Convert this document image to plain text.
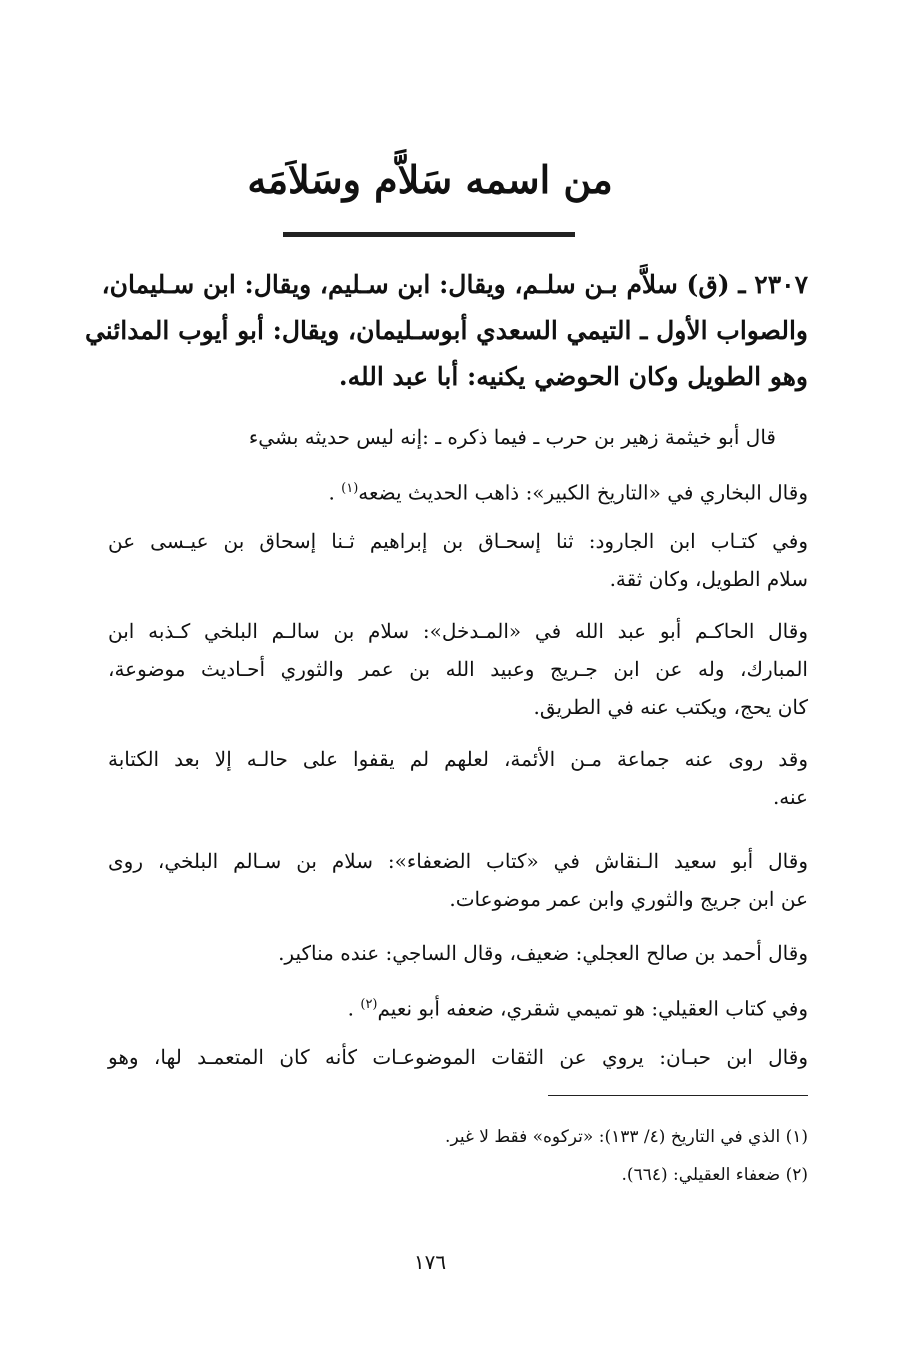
من اسمه سَلاَّم وسَلاَمَه
٢٣٠٧ ـ (ق) سلاَّم بـن سلـم، ويقال: ابن سـليم، ويقال: ابن سـليمان،
والصواب الأول ـ التيمي السعدي أبوسـليمان، ويقال: أبو أيوب المدائني
وهو الطويل وكان الحوضي يكنيه: أبا عبد الله.

قال أبو خيثمة زهير بن حرب ـ فيما ذكره ـ :إنه ليس حديثه بشيء

وقال البخاري في «التاريخ الكبير»: ذاهب الحديث يضعه$^{(١)}$ .

وفي كتـاب ابن الجارود: ثنا إسحـاق بن إبراهيم ثـنا إسحاق بن عيـسى عن
سلام الطويل، وكان ثقة.

وقال الحاكـم أبو عبد الله في «المـدخل»: سلام بن سالـم البلخي كـذبه ابن
المبارك، وله عن ابن جـريج وعبيد الله بن عمر والثوري أحـاديث موضوعة،
كان يحج، ويكتب عنه في الطريق.

وقد روى عنه جماعة مـن الأئمة، لعلهم لم يقفوا على حالـه إلا بعد الكتابة
عنه.

وقال أبو سعيد الـنقاش في «كتاب الضعفاء»: سلام بن سـالم البلخي، روى
عن ابن جريج والثوري وابن عمر موضوعات.

وقال أحمد بن صالح العجلي: ضعيف، وقال الساجي: عنده مناكير.

وفي كتاب العقيلي: هو تميمي شقري، ضعفه أبو نعيم$^{(٢)}$ .

وقال ابن حبـان: يروي عن الثقات الموضوعـات كأنه كان المتعمـد لها، وهو

(١) الذي في التاريخ (٤/ ١٣٣): «تركوه» فقط لا غير.
(٢) ضعفاء العقيلي: (٦٦٤).
١٧٦
